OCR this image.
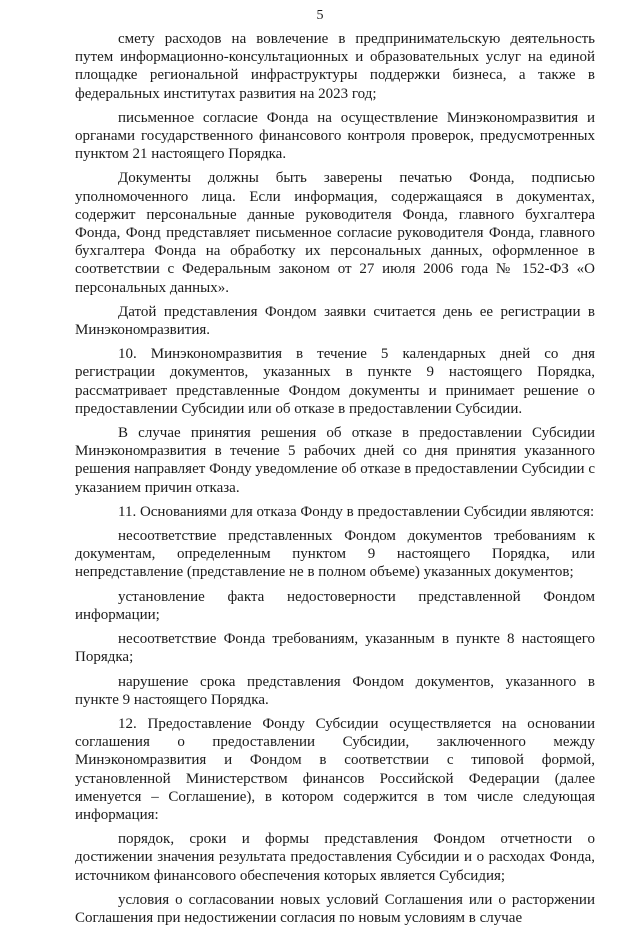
5

смету расходов на вовлечение в предпринимательскую деятельность путем информационно-консультационных и образовательных услуг на единой площадке региональной инфраструктуры поддержки бизнеса, а также в федеральных институтах развития на 2023 год;

письменное согласие Фонда на осуществление Минэкономразвития и органами государственного финансового контроля проверок, предусмотренных пунктом 21 настоящего Порядка.

Документы должны быть заверены печатью Фонда, подписью уполномоченного лица. Если информация, содержащаяся в документах, содержит персональные данные руководителя Фонда, главного бухгалтера Фонда, Фонд представляет письменное согласие руководителя Фонда, главного бухгалтера Фонда на обработку их персональных данных, оформленное в соответствии с Федеральным законом от 27 июля 2006 года № 152-ФЗ «О персональных данных».

Датой представления Фондом заявки считается день ее регистрации в Минэкономразвития.

10. Минэкономразвития в течение 5 календарных дней со дня регистрации документов, указанных в пункте 9 настоящего Порядка, рассматривает представленные Фондом документы и принимает решение о предоставлении Субсидии или об отказе в предоставлении Субсидии.

В случае принятия решения об отказе в предоставлении Субсидии Минэкономразвития в течение 5 рабочих дней со дня принятия указанного решения направляет Фонду уведомление об отказе в предоставлении Субсидии с указанием причин отказа.

11. Основаниями для отказа Фонду в предоставлении Субсидии являются:

несоответствие представленных Фондом документов требованиям к документам, определенным пунктом 9 настоящего Порядка, или непредставление (представление не в полном объеме) указанных документов;

установление факта недостоверности представленной Фондом информации;

несоответствие Фонда требованиям, указанным в пункте 8 настоящего Порядка;

нарушение срока представления Фондом документов, указанного в пункте 9 настоящего Порядка.

12. Предоставление Фонду Субсидии осуществляется на основании соглашения о предоставлении Субсидии, заключенного между Минэкономразвития и Фондом в соответствии с типовой формой, установленной Министерством финансов Российской Федерации (далее именуется – Соглашение), в котором содержится в том числе следующая информация:

порядок, сроки и формы представления Фондом отчетности о достижении значения результата предоставления Субсидии и о расходах Фонда, источником финансового обеспечения которых является Субсидия;

условия о согласовании новых условий Соглашения или о расторжении Соглашения при недостижении согласия по новым условиям в случае
